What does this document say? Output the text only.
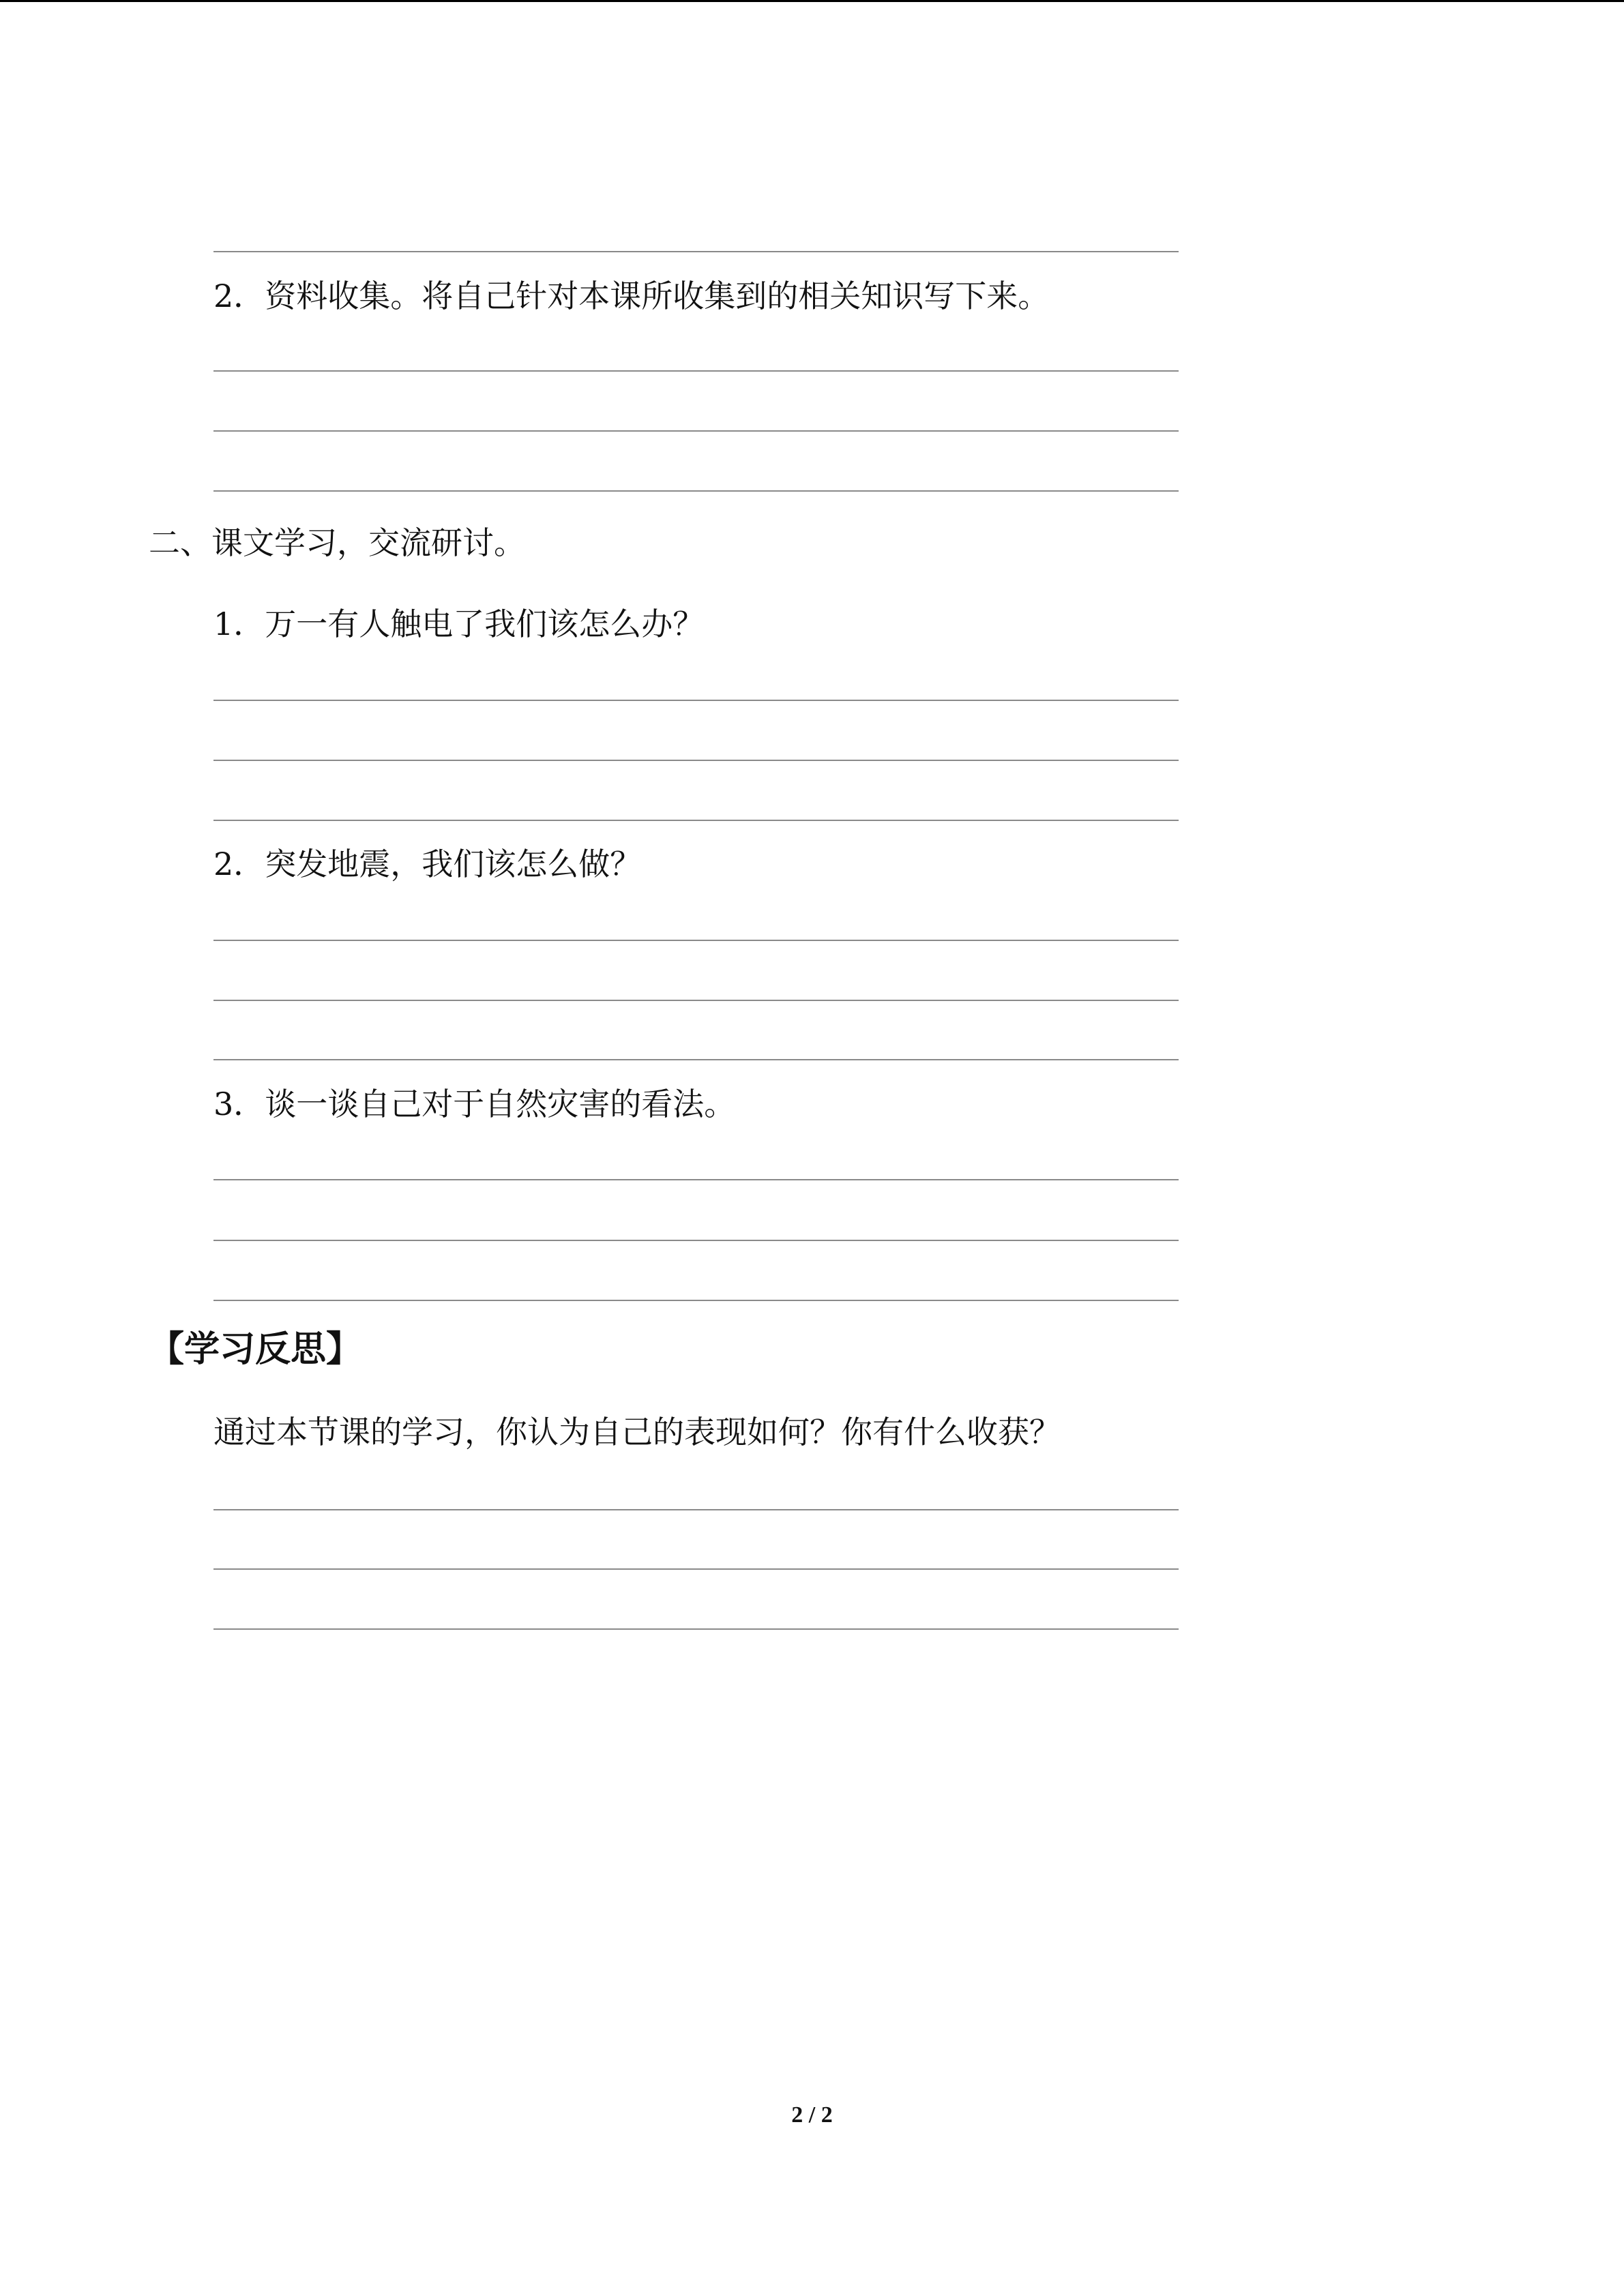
2．资料收集。将自己针对本课所收集到的相关知识写下来。
二、课文学习，交流研讨。
1．万一有人触电了我们该怎么办？
2．突发地震，我们该怎么做？
3．谈一谈自己对于自然灾害的看法。
【学习反思】
通过本节课的学习，你认为自己的表现如何？你有什么收获？
2 / 2
